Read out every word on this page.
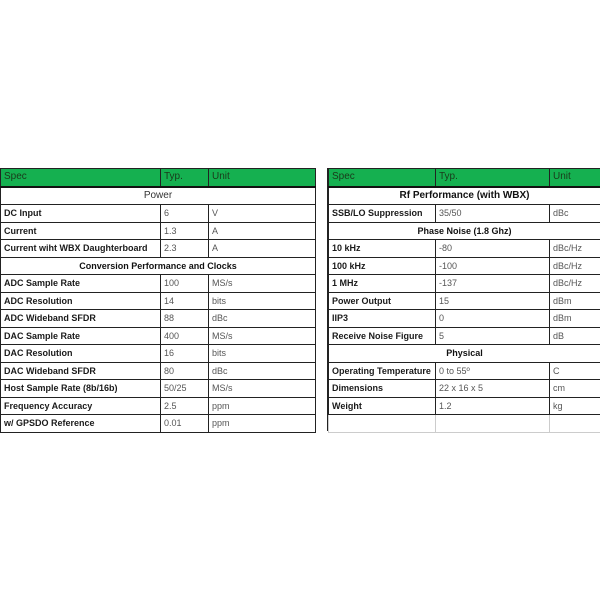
Spec	Typ.	Unit
Power		
DC Input	6	V
Current	1.3	A
Current wiht WBX Daughterboard	2.3	A
Conversion Performance and Clocks		
ADC Sample Rate	100	MS/s
ADC Resolution	14	bits
ADC Wideband SFDR	88	dBc
DAC Sample Rate	400	MS/s
DAC Resolution	16	bits
DAC Wideband SFDR	80	dBc
Host Sample Rate (8b/16b)	50/25	MS/s
Frequency Accuracy	2.5	ppm
w/ GPSDO Reference	0.01	ppm
Spec	Typ.	Unit
Rf Performance (with WBX)		
SSB/LO Suppression	35/50	dBc
Phase Noise (1.8 Ghz)		
10 kHz	-80	dBc/Hz
100 kHz	-100	dBc/Hz
1 MHz	-137	dBc/Hz
Power Output	15	dBm
IIP3	0	dBm
Receive Noise Figure	5	dB
Physical		
Operating Temperature	0 to 55º	C
Dimensions	22 x 16 x 5	cm
Weight	1.2	kg
